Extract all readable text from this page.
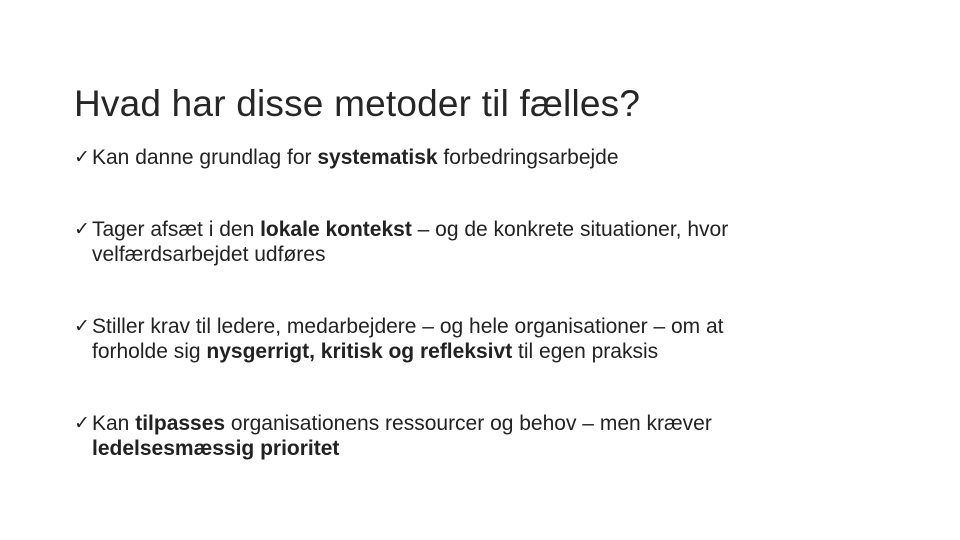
Hvad har disse metoder til fælles?
✓ Kan danne grundlag for systematisk forbedringsarbejde
✓ Tager afsæt i den lokale kontekst – og de konkrete situationer, hvor
velfærdsarbejdet udføres
✓ Stiller krav til ledere, medarbejdere – og hele organisationer – om at
forholde sig nysgerrigt, kritisk og refleksivt til egen praksis
✓ Kan tilpasses organisationens ressourcer og behov – men kræver
ledelsesmæssig prioritet
